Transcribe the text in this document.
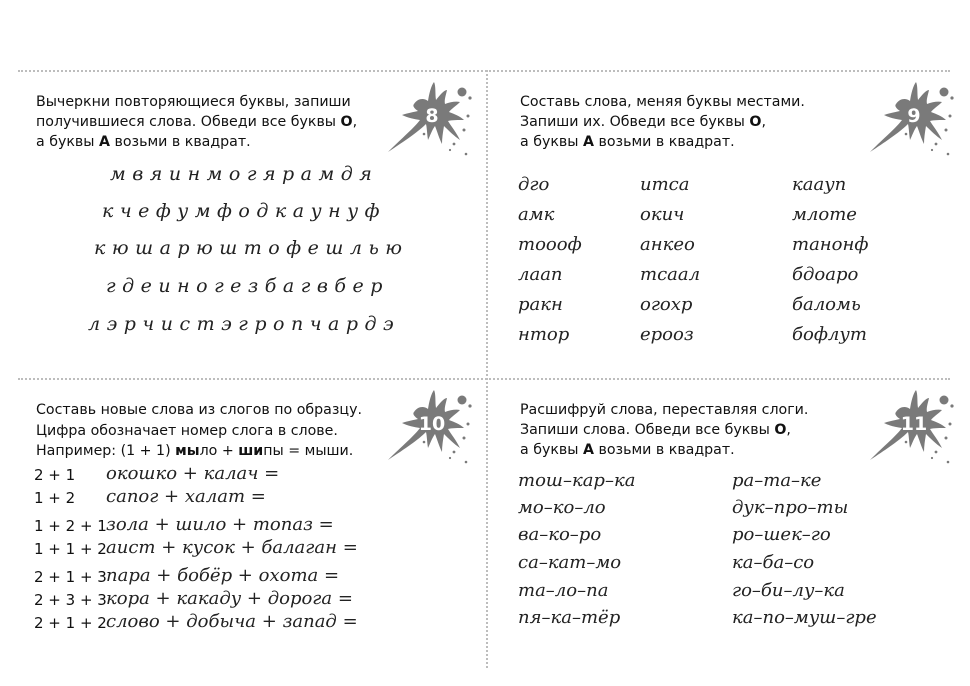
Вычеркни повторяющиеся буквы, запиши
получившиеся слова. Обведи все буквы О,
а буквы А возьми в квадрат.
8
мвяинмогярамдя
кчефумфодкаунуф
кюшарюштофешлью
гдеиногезбагвбер
лэрчистэгропчардэ
Составь слова, меняя буквы местами.
Запиши их. Обведи все буквы О,
а буквы А возьми в квадрат.
9
дго
амк
тоооф
лаап
ракн
нтор
итса
окич
анкео
тсаал
огохр
ерооз
каауп
млоте
танонф
бдоаро
баломь
бофлут
Составь новые слова из слогов по образцу.
Цифра обозначает номер слога в слове.
Например: (1 + 1) мыло + шипы = мыши.
10
2 + 1 окошко + калач =
1 + 2 сапог + халат =
1 + 2 + 1 зола + шило + топаз =
1 + 1 + 2 аист + кусок + балаган =
2 + 1 + 3 пара + бобёр + охота =
2 + 3 + 3 кора + какаду + дорога =
2 + 1 + 2 слово + добыча + запад =
Расшифруй слова, переставляя слоги.
Запиши слова. Обведи все буквы О,
а буквы А возьми в квадрат.
11
тош–кар–ка
мо–ко–ло
ва–ко–ро
са–кат–мо
та–ло–па
пя–ка–тёр
ра–та–ке
дук–про–ты
ро–шек–го
ка–ба–со
го–би–лу–ка
ка–по–муш–гре
